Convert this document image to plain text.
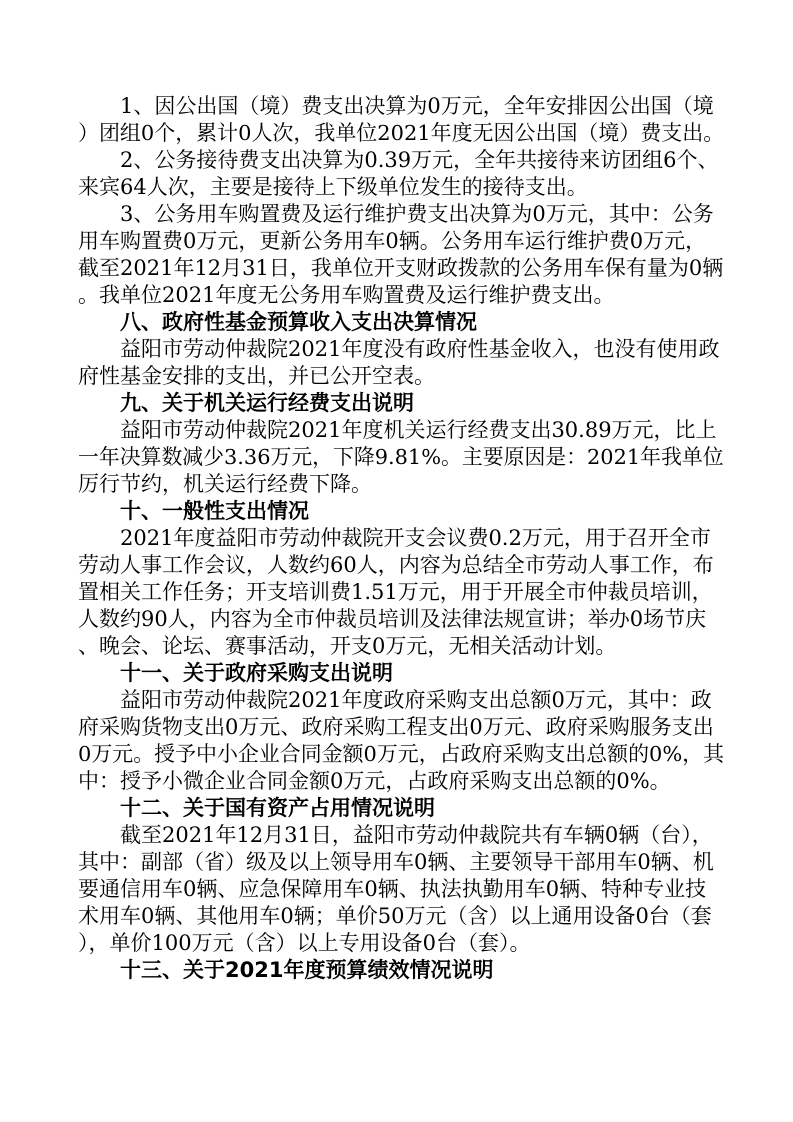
　　1、因公出国（境）费支出决算为0万元，全年安排因公出国（境
）团组0个，累计0人次，我单位2021年度无因公出国（境）费支出。
　　2、公务接待费支出决算为0.39万元，全年共接待来访团组6个、
来宾64人次，主要是接待上下级单位发生的接待支出。
　　3、公务用车购置费及运行维护费支出决算为0万元，其中：公务
用车购置费0万元，更新公务用车0辆。公务用车运行维护费0万元，
截至2021年12月31日，我单位开支财政拨款的公务用车保有量为0辆
。我单位2021年度无公务用车购置费及运行维护费支出。
　　八、政府性基金预算收入支出决算情况
　　益阳市劳动仲裁院2021年度没有政府性基金收入，也没有使用政
府性基金安排的支出，并已公开空表。
　　九、关于机关运行经费支出说明
　　益阳市劳动仲裁院2021年度机关运行经费支出30.89万元，比上
一年决算数减少3.36万元，下降9.81%。主要原因是：2021年我单位
厉行节约，机关运行经费下降。
　　十、一般性支出情况
　　2021年度益阳市劳动仲裁院开支会议费0.2万元，用于召开全市
劳动人事工作会议，人数约60人，内容为总结全市劳动人事工作，布
置相关工作任务；开支培训费1.51万元，用于开展全市仲裁员培训，
人数约90人，内容为全市仲裁员培训及法律法规宣讲；举办0场节庆
、晚会、论坛、赛事活动，开支0万元，无相关活动计划。
　　十一、关于政府采购支出说明
　　益阳市劳动仲裁院2021年度政府采购支出总额0万元，其中：政
府采购货物支出0万元、政府采购工程支出0万元、政府采购服务支出
0万元。授予中小企业合同金额0万元，占政府采购支出总额的0%，其
中：授予小微企业合同金额0万元，占政府采购支出总额的0%。
　　十二、关于国有资产占用情况说明
　　截至2021年12月31日，益阳市劳动仲裁院共有车辆0辆（台），
其中：副部（省）级及以上领导用车0辆、主要领导干部用车0辆、机
要通信用车0辆、应急保障用车0辆、执法执勤用车0辆、特种专业技
术用车0辆、其他用车0辆；单价50万元（含）以上通用设备0台（套
），单价100万元（含）以上专用设备0台（套）。
　　十三、关于2021年度预算绩效情况说明
